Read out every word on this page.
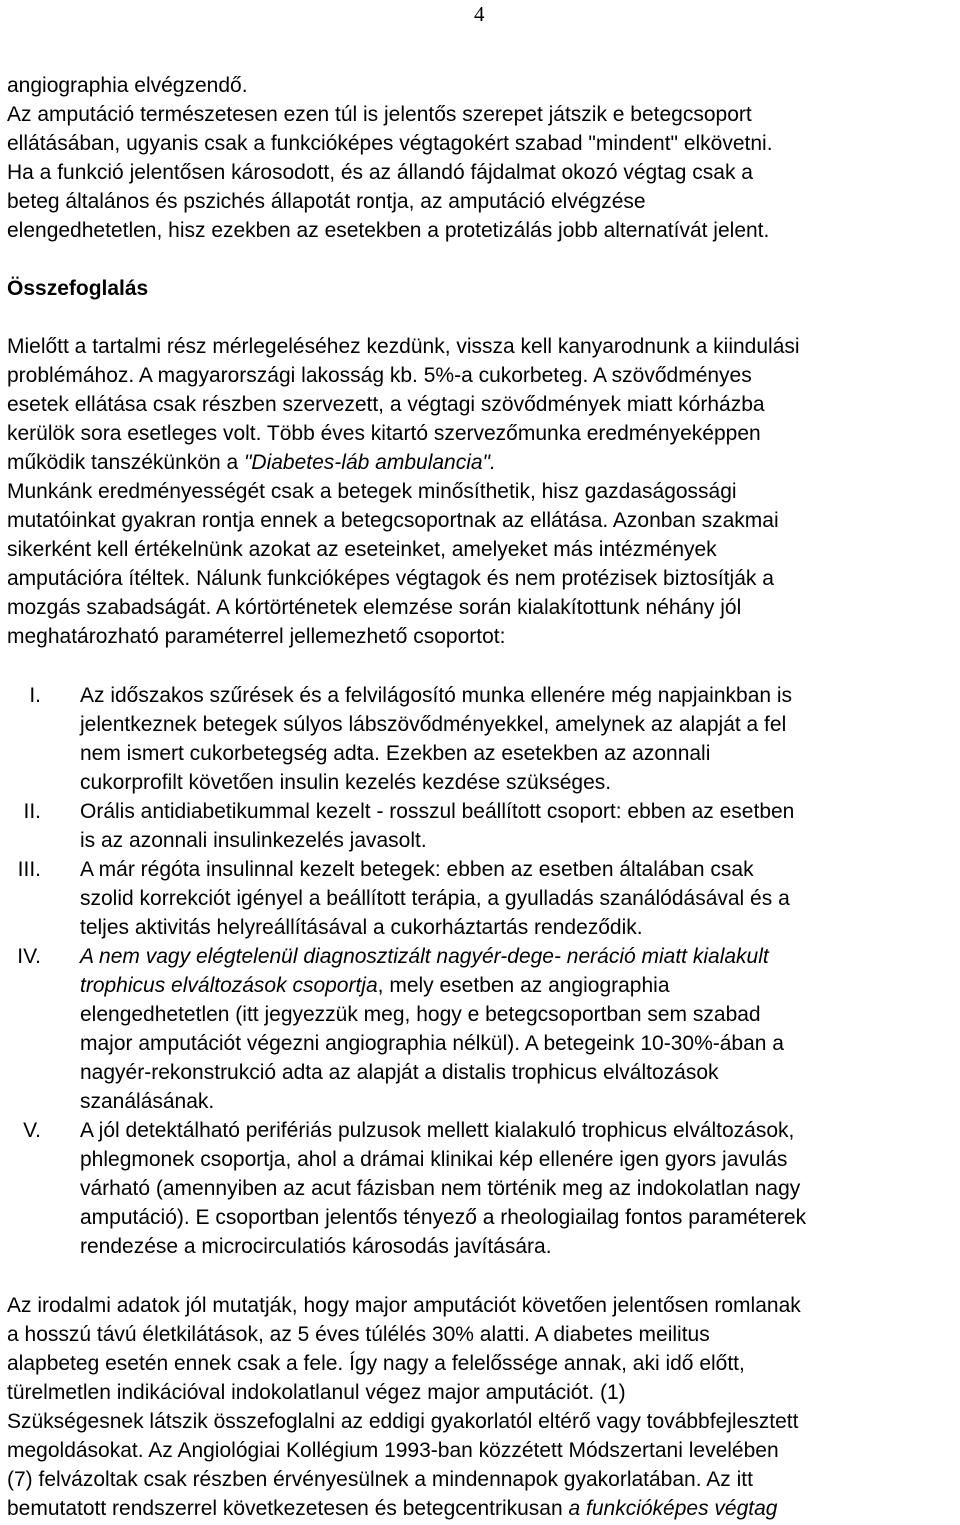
4

angiographia elvégzendő.
Az amputáció természetesen ezen túl is jelentős szerepet játszik e betegcsoport
ellátásában, ugyanis csak a funkcióképes végtagokért szabad "mindent" elkövetni.
Ha a funkció jelentősen károsodott, és az állandó fájdalmat okozó végtag csak a
beteg általános és pszichés állapotát rontja, az amputáció elvégzése
elengedhetetlen, hisz ezekben az esetekben a protetizálás jobb alternatívát jelent.

Összefoglalás

Mielőtt a tartalmi rész mérlegeléséhez kezdünk, vissza kell kanyarodnunk a kiindulási
problémához. A magyarországi lakosság kb. 5%-a cukorbeteg. A szövődményes
esetek ellátása csak részben szervezett, a végtagi szövődmények miatt kórházba
kerülök sora esetleges volt. Több éves kitartó szervezőmunka eredményeképpen
működik tanszékünkön a "Diabetes-láb ambulancia".
Munkánk eredményességét csak a betegek minősíthetik, hisz gazdaságossági
mutatóinkat gyakran rontja ennek a betegcsoportnak az ellátása. Azonban szakmai
sikerként kell értékelnünk azokat az eseteinket, amelyeket más intézmények
amputációra ítéltek. Nálunk funkcióképes végtagok és nem protézisek biztosítják a
mozgás szabadságát. A kórtörténetek elemzése során kialakítottunk néhány jól
meghatározható paraméterrel jellemezhető csoportot:

I. Az időszakos szűrések és a felvilágosító munka ellenére még napjainkban is
jelentkeznek betegek súlyos lábszövődményekkel, amelynek az alapját a fel
nem ismert cukorbetegség adta. Ezekben az esetekben az azonnali
cukorprofilt követően insulin kezelés kezdése szükséges.
II. Orális antidiabetikummal kezelt - rosszul beállított csoport: ebben az esetben
is az azonnali insulinkezelés javasolt.
III. A már régóta insulinnal kezelt betegek: ebben az esetben általában csak
szolid korrekciót igényel a beállított terápia, a gyulladás szanálódásával és a
teljes aktivitás helyreállításával a cukorháztartás rendeződik.
IV. A nem vagy elégtelenül diagnosztizált nagyér-dege- neráció miatt kialakult
trophicus elváltozások csoportja, mely esetben az angiographia
elengedhetetlen (itt jegyezzük meg, hogy e betegcsoportban sem szabad
major amputációt végezni angiographia nélkül). A betegeink 10-30%-ában a
nagyér-rekonstrukció adta az alapját a distalis trophicus elváltozások
szanálásának.
V. A jól detektálható perifériás pulzusok mellett kialakuló trophicus elváltozások,
phlegmonek csoportja, ahol a drámai klinikai kép ellenére igen gyors javulás
várható (amennyiben az acut fázisban nem történik meg az indokolatlan nagy
amputáció). E csoportban jelentős tényező a rheologiailag fontos paraméterek
rendezése a microcirculatiós károsodás javítására.

Az irodalmi adatok jól mutatják, hogy major amputációt követően jelentősen romlanak
a hosszú távú életkilátások, az 5 éves túlélés 30% alatti. A diabetes meilitus
alapbeteg esetén ennek csak a fele. Így nagy a felelőssége annak, aki idő előtt,
türelmetlen indikációval indokolatlanul végez major amputációt. (1)
Szükségesnek látszik összefoglalni az eddigi gyakorlatól eltérő vagy továbbfejlesztett
megoldásokat. Az Angiológiai Kollégium 1993-ban közzétett Módszertani levelében
(7) felvázoltak csak részben érvényesülnek a mindennapok gyakorlatában. Az itt
bemutatott rendszerrel következetesen és betegcentrikusan a funkcióképes végtag
